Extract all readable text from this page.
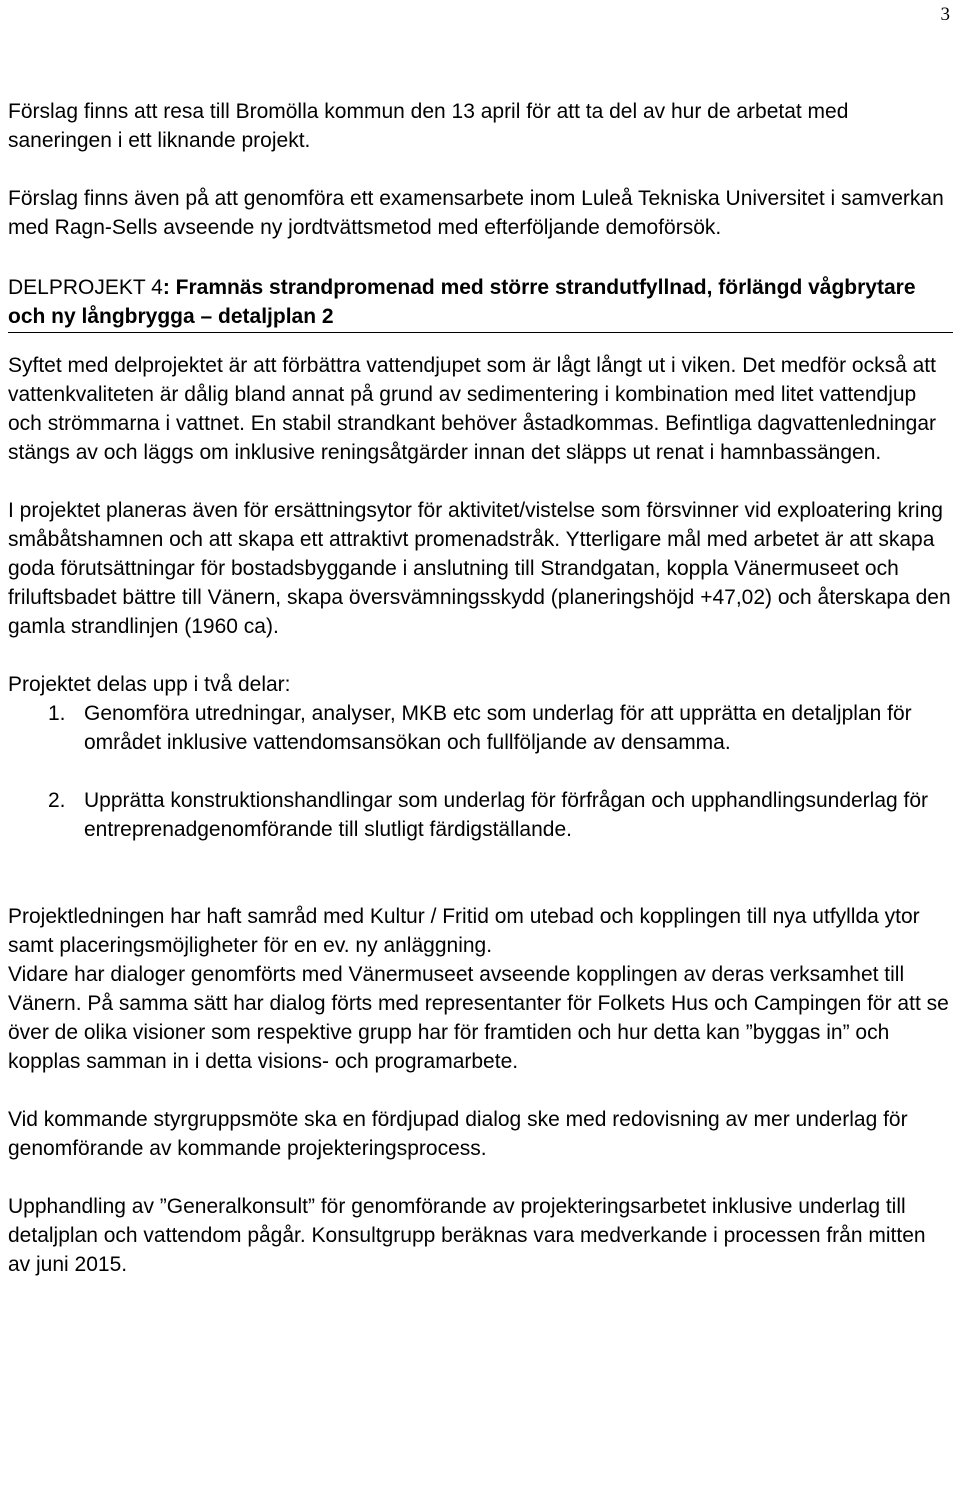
3

Förslag finns att resa till Bromölla kommun den 13 april för att ta del av hur de arbetat med saneringen i ett liknande projekt.

Förslag finns även på att genomföra ett examensarbete inom Luleå Tekniska Universitet i samverkan med Ragn-Sells avseende ny jordtvättsmetod med efterföljande demoförsök.

DELPROJEKT 4: Framnäs strandpromenad med större strandutfyllnad, förlängd vågbrytare och ny långbrygga – detaljplan 2

Syftet med delprojektet är att förbättra vattendjupet som är lågt långt ut i viken. Det medför också att vattenkvaliteten är dålig bland annat på grund av sedimentering i kombination med litet vattendjup och strömmarna i vattnet. En stabil strandkant behöver åstadkommas. Befintliga dagvattenledningar stängs av och läggs om inklusive reningsåtgärder innan det släpps ut renat i hamnbassängen.

I projektet planeras även för ersättningsytor för aktivitet/vistelse som försvinner vid exploatering kring småbåtshamnen och att skapa ett attraktivt promenadstråk. Ytterligare mål med arbetet är att skapa goda förutsättningar för bostadsbyggande i anslutning till Strandgatan, koppla Vänermuseet och friluftsbadet bättre till Vänern, skapa översvämningsskydd (planeringshöjd +47,02) och återskapa den gamla strandlinjen (1960 ca).

Projektet delas upp i två delar:

1. Genomföra utredningar, analyser, MKB etc som underlag för att upprätta en detaljplan för området inklusive vattendomsansökan och fullföljande av densamma.
2. Upprätta konstruktionshandlingar som underlag för förfrågan och upphandlingsunderlag för entreprenadgenomförande till slutligt färdigställande.

Projektledningen har haft samråd med Kultur / Fritid om utebad och kopplingen till nya utfyllda ytor samt placeringsmöjligheter för en ev. ny anläggning.

Vidare har dialoger genomförts med Vänermuseet avseende kopplingen av deras verksamhet till Vänern. På samma sätt har dialog förts med representanter för Folkets Hus och Campingen för att se över de olika visioner som respektive grupp har för framtiden och hur detta kan ”byggas in” och kopplas samman in i detta visions- och programarbete.

Vid kommande styrgruppsmöte ska en fördjupad dialog ske med redovisning av mer underlag för genomförande av kommande projekteringsprocess.

Upphandling av ”Generalkonsult” för genomförande av projekteringsarbetet inklusive underlag till detaljplan och vattendom pågår. Konsultgrupp beräknas vara medverkande i processen från mitten av juni 2015.
